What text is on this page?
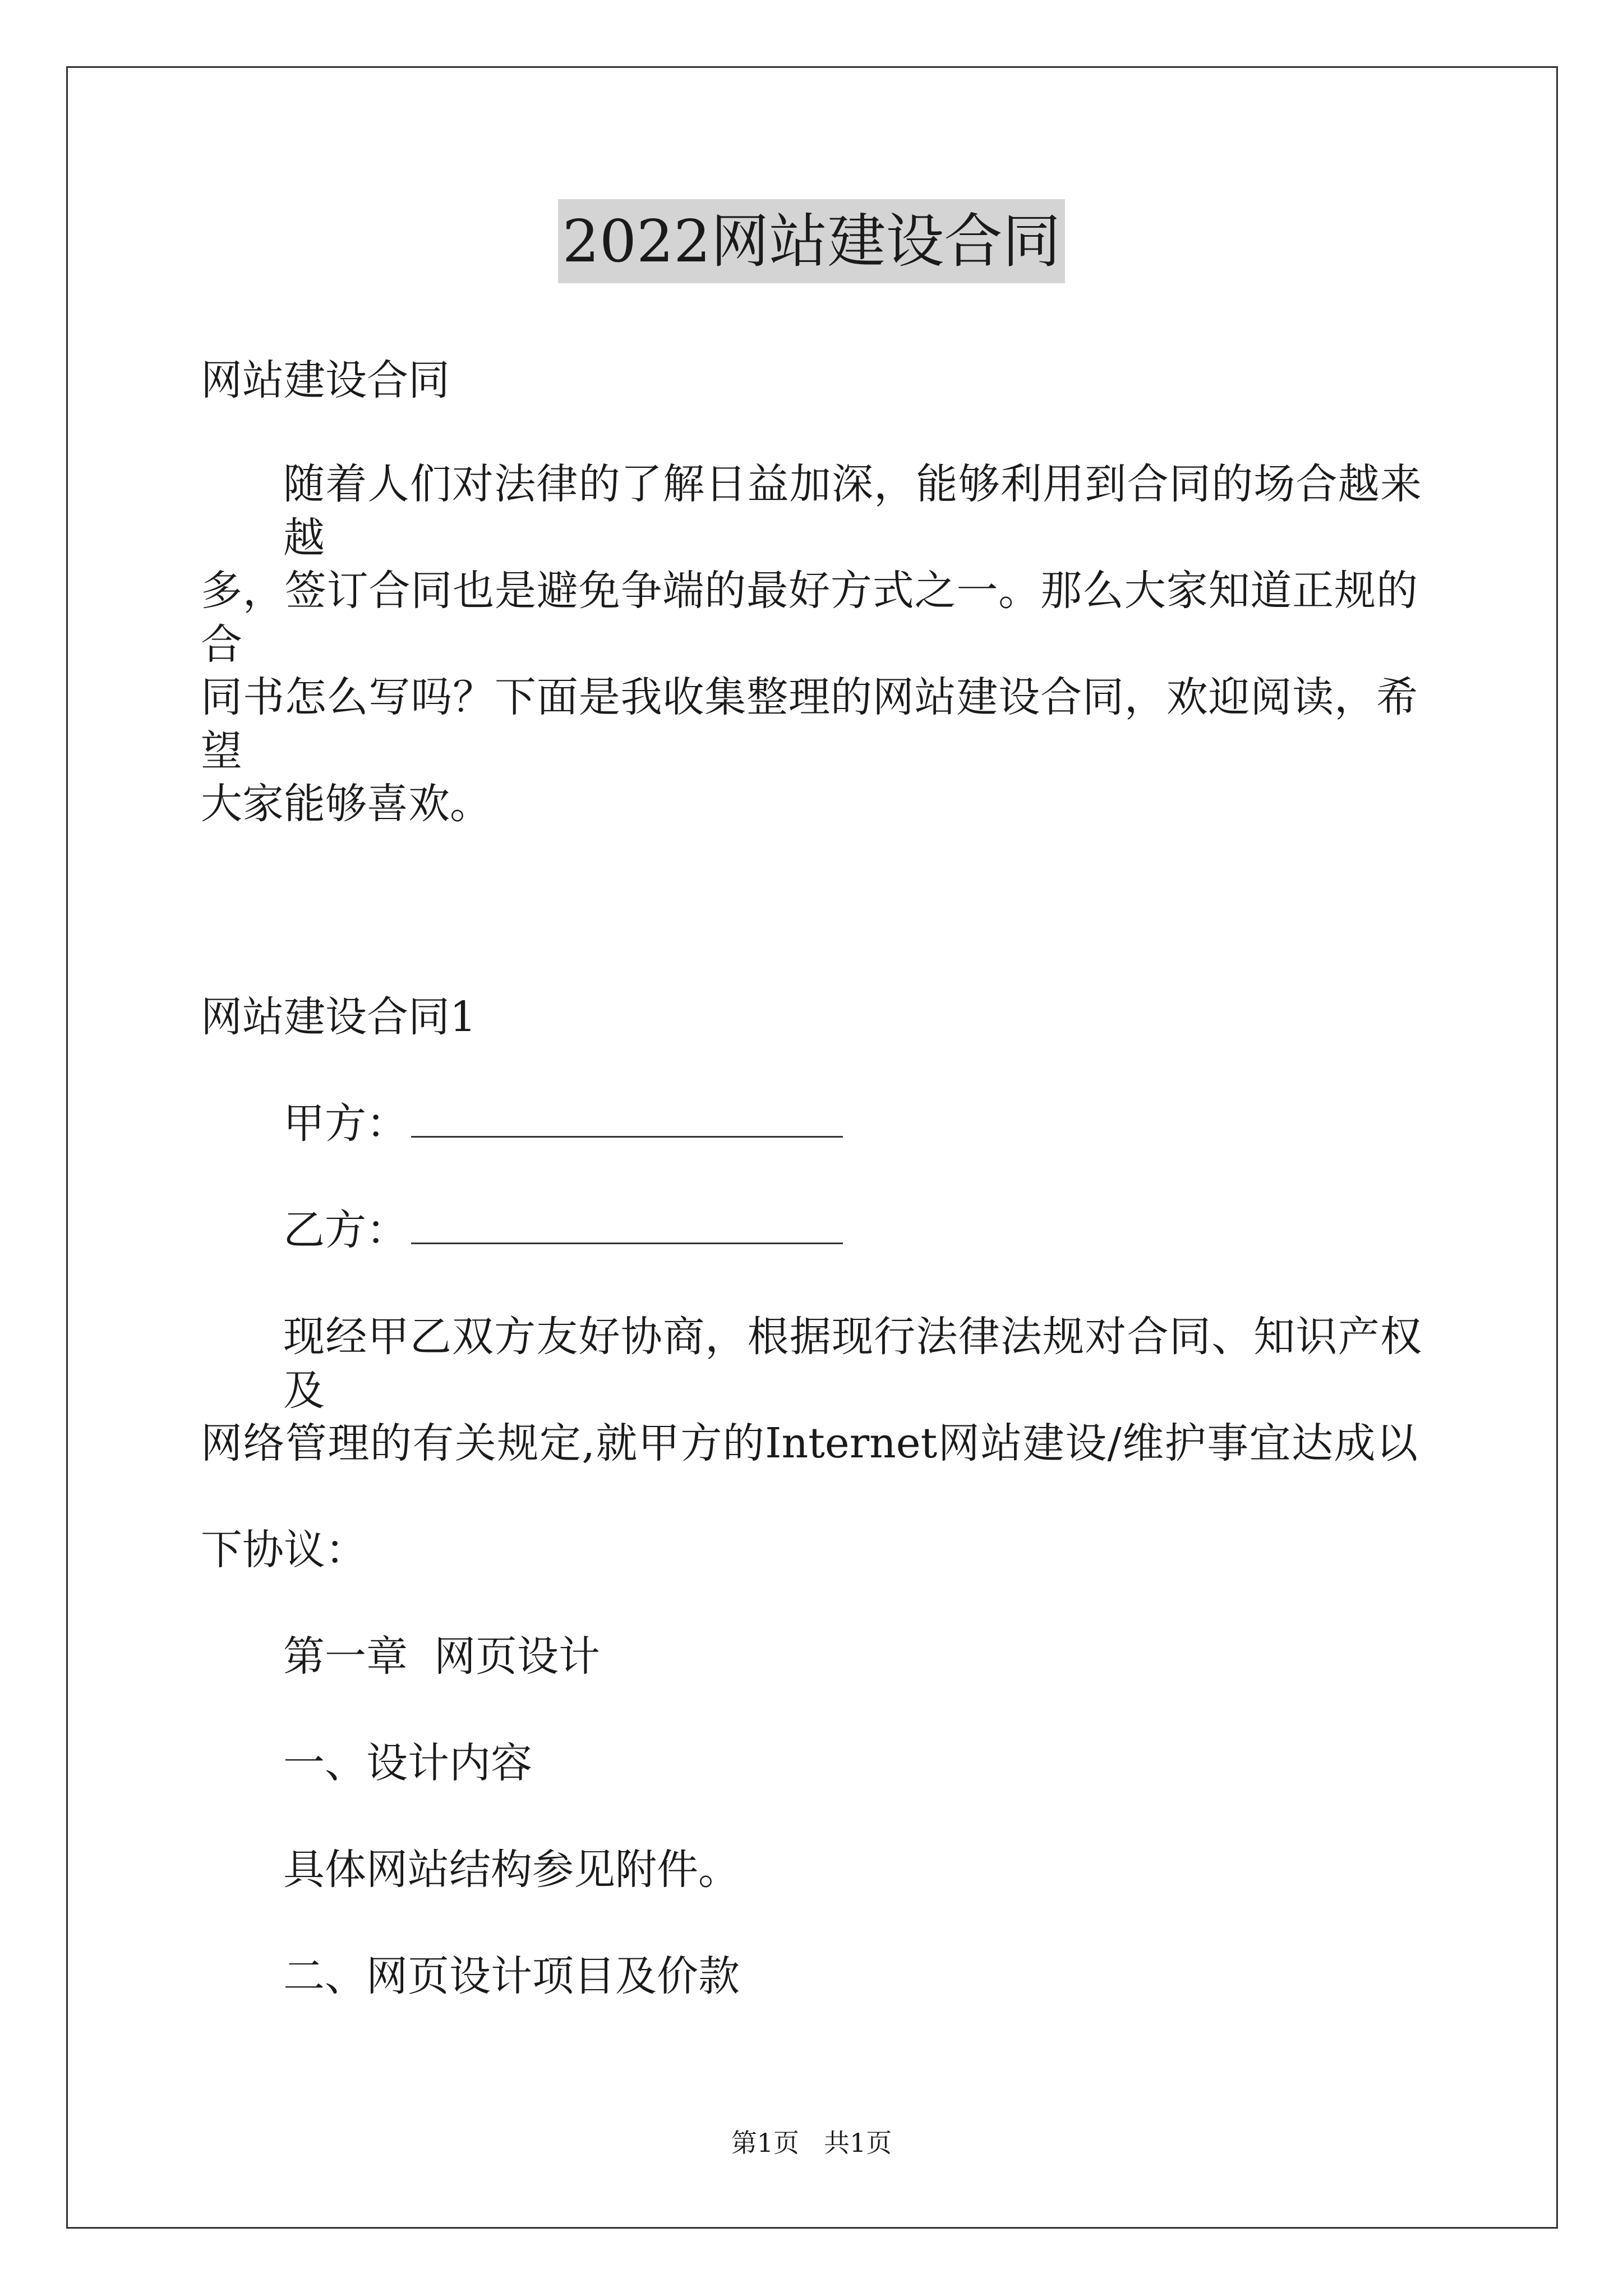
2022网站建设合同
网站建设合同
随着人们对法律的了解日益加深，能够利用到合同的场合越来越
多，签订合同也是避免争端的最好方式之一。那么大家知道正规的合
同书怎么写吗？下面是我收集整理的网站建设合同，欢迎阅读，希望
大家能够喜欢。
网站建设合同1
甲方：
乙方：
现经甲乙双方友好协商，根据现行法律法规对合同、知识产权及
网络管理的有关规定,就甲方的Internet网站建设/维护事宜达成以
下协议：
第一章  网页设计
一、设计内容
具体网站结构参见附件。
二、网页设计项目及价款
第1页 共1页
